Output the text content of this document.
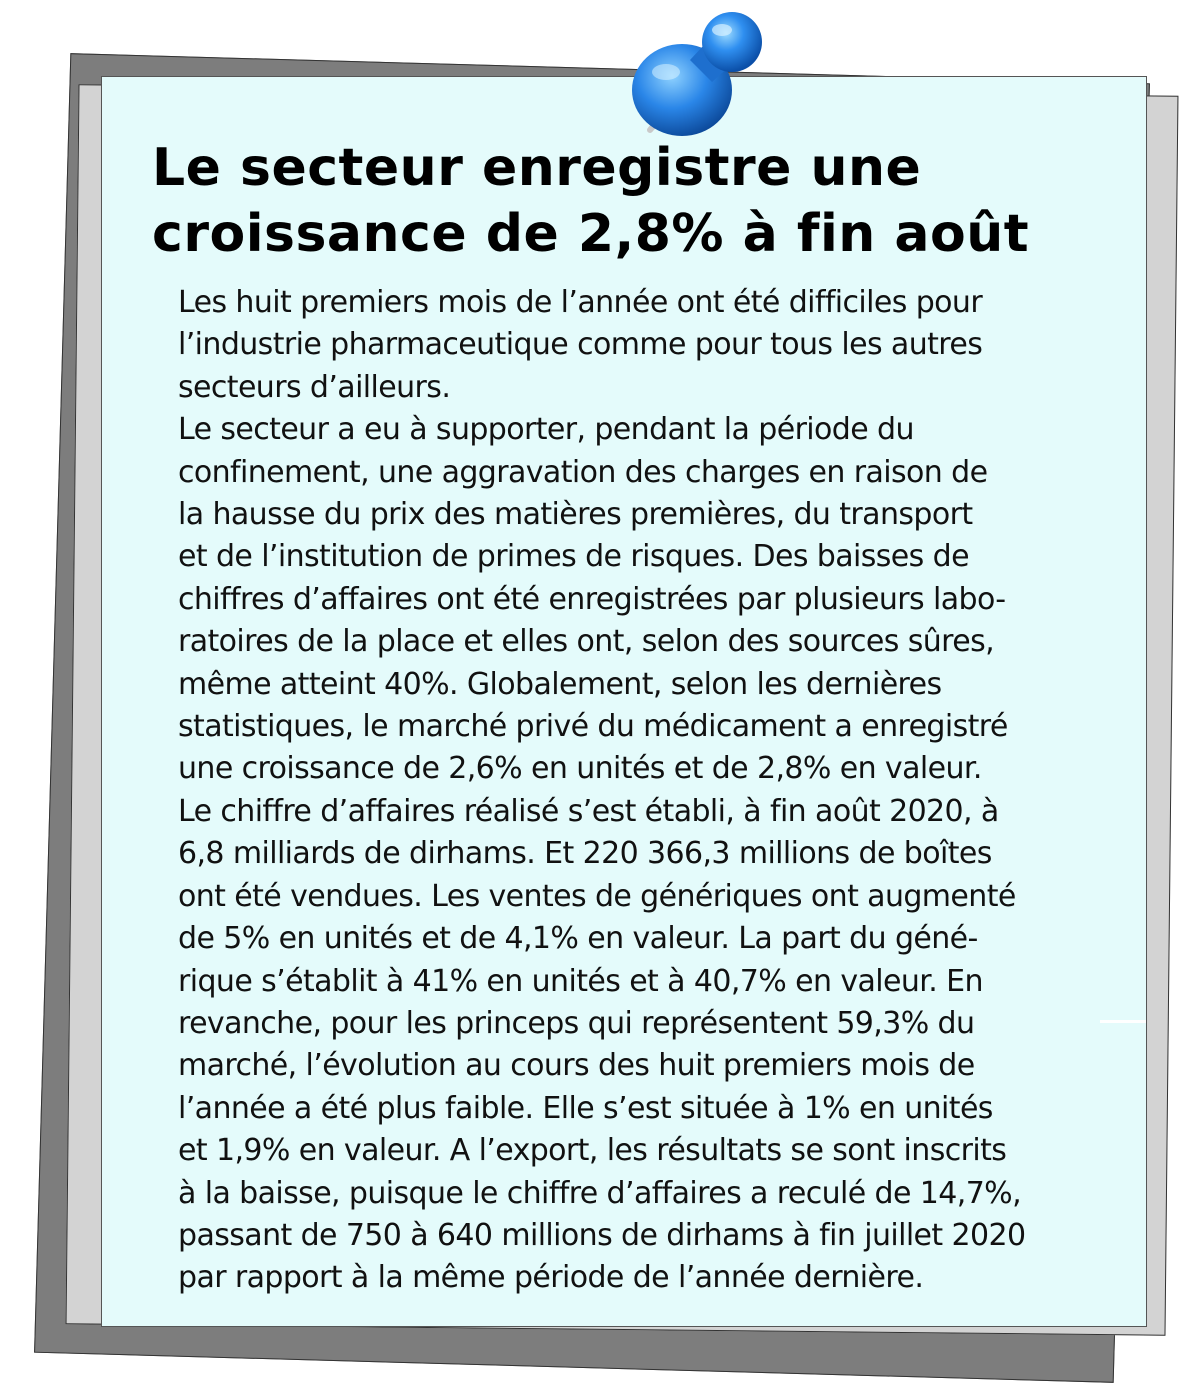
Le secteur enregistre une
croissance de 2,8% à fin août
Les huit premiers mois de l’année ont été difficiles pour
l’industrie pharmaceutique comme pour tous les autres
secteurs d’ailleurs.
Le secteur a eu à supporter, pendant la période du
confinement, une aggravation des charges en raison de
la hausse du prix des matières premières, du transport
et de l’institution de primes de risques. Des baisses de
chiffres d’affaires ont été enregistrées par plusieurs labo-
ratoires de la place et elles ont, selon des sources sûres,
même atteint 40%. Globalement, selon les dernières
statistiques, le marché privé du médicament a enregistré
une croissance de 2,6% en unités et de 2,8% en valeur.
Le chiffre d’affaires réalisé s’est établi, à fin août 2020, à
6,8 milliards de dirhams. Et 220 366,3 millions de boîtes
ont été vendues. Les ventes de génériques ont augmenté
de 5% en unités et de 4,1% en valeur. La part du géné-
rique s’établit à 41% en unités et à 40,7% en valeur. En
revanche, pour les princeps qui représentent 59,3% du
marché, l’évolution au cours des huit premiers mois de
l’année a été plus faible. Elle s’est située à 1% en unités
et 1,9% en valeur. A l’export, les résultats se sont inscrits
à la baisse, puisque le chiffre d’affaires a reculé de 14,7%,
passant de 750 à 640 millions de dirhams à fin juillet 2020
par rapport à la même période de l’année dernière.
